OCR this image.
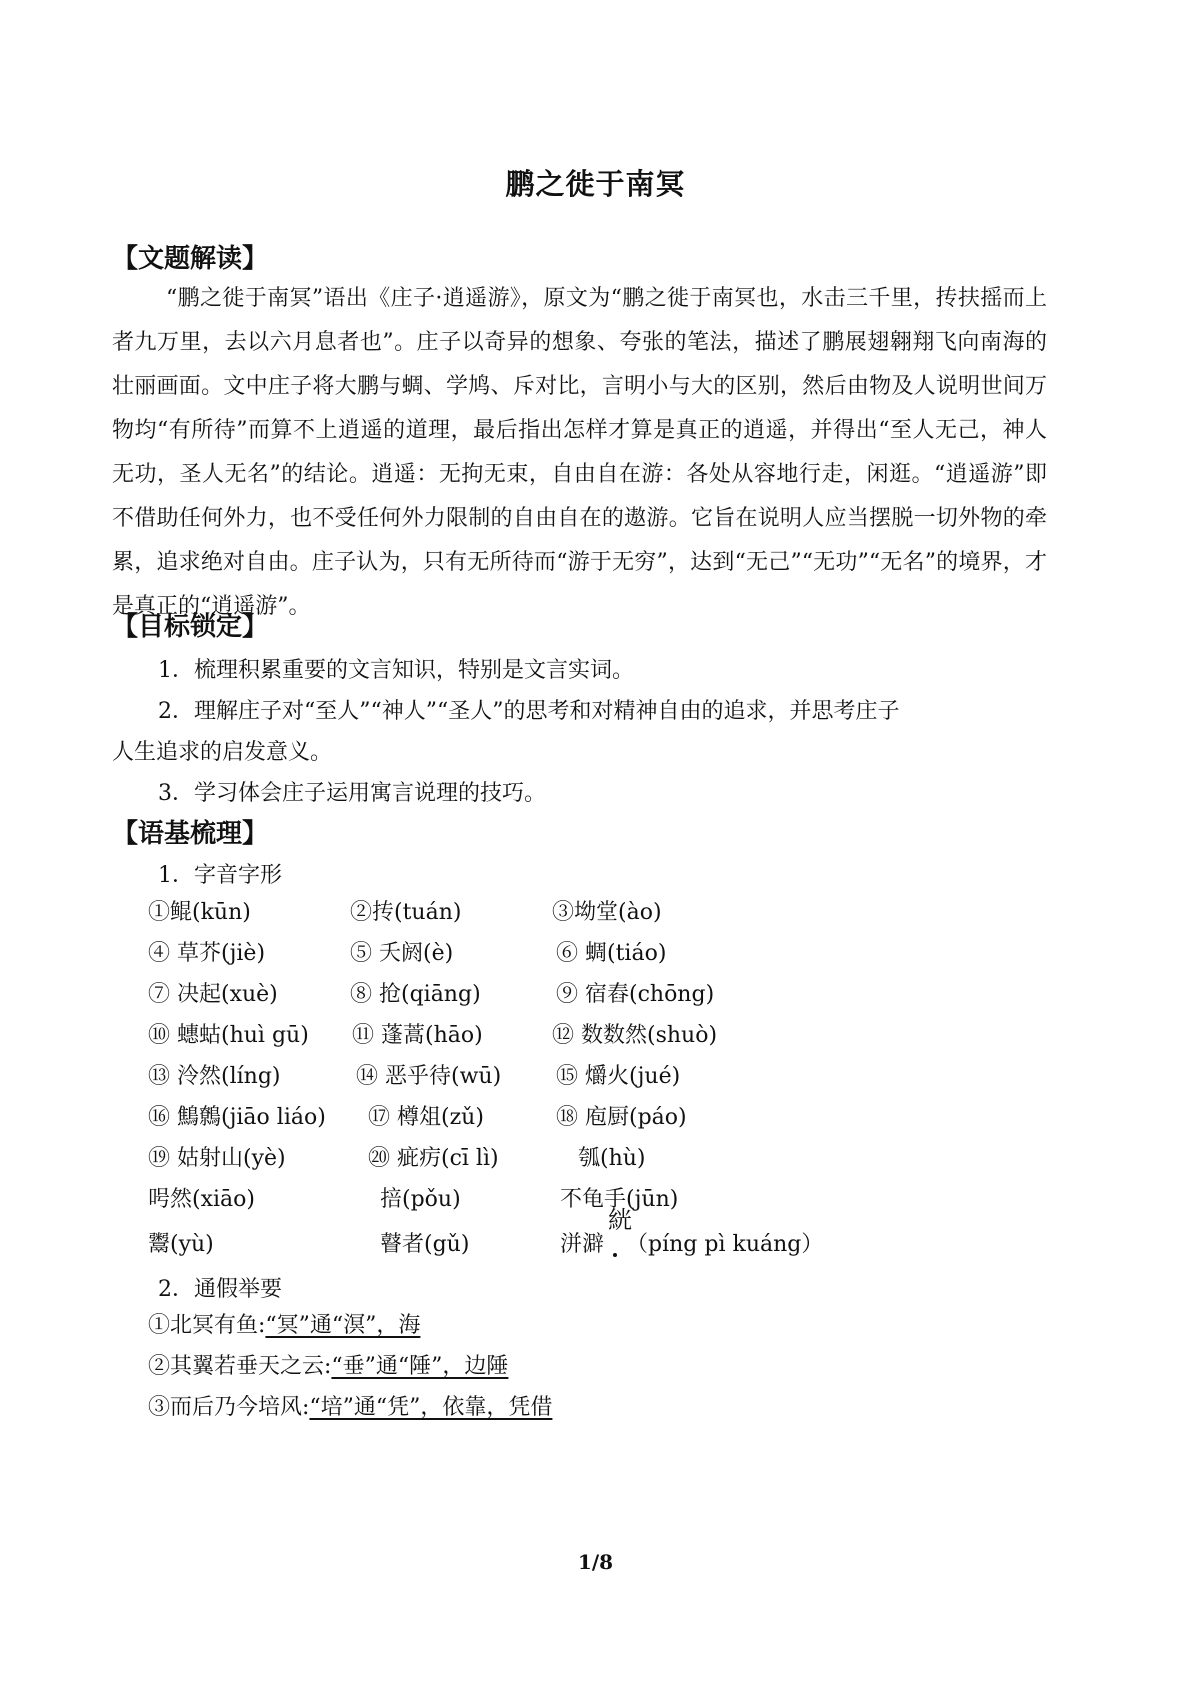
鹏之徙于南冥
【文题解读】
“鹏之徙于南冥”语出《庄子·逍遥游》，原文为“鹏之徙于南冥也，水击三千里，抟扶摇而上者九万里，去以六月息者也”。庄子以奇异的想象、夸张的笔法，描述了鹏展翅翱翔飞向南海的壮丽画面。文中庄子将大鹏与蜩、学鸠、斥对比，言明小与大的区别，然后由物及人说明世间万物均“有所待”而算不上逍遥的道理，最后指出怎样才算是真正的逍遥，并得出“至人无己，神人无功，圣人无名”的结论。逍遥：无拘无束，自由自在游：各处从容地行走，闲逛。“逍遥游”即不借助任何外力，也不受任何外力限制的自由自在的遨游。它旨在说明人应当摆脱一切外物的牵累，追求绝对自由。庄子认为，只有无所待而“游于无穷”，达到“无己”“无功”“无名”的境界，才是真正的“逍遥游”。
【目标锁定】
1．梳理积累重要的文言知识，特别是文言实词。
2．理解庄子对“至人”“神人”“圣人”的思考和对精神自由的追求，并思考庄子
人生追求的启发意义。
3．学习体会庄子运用寓言说理的技巧。
【语基梳理】
1．字音字形
①鲲(kūn)	②抟(tuán)	③坳堂(ào)
④ 草芥(jiè)	⑤ 夭阏(è)	⑥ 蜩(tiáo)
⑦ 决起(xuè)	⑧ 抢(qiāng)	⑨ 宿舂(chōng)
⑩ 蟪蛄(huì gū) ⑪ 蓬蒿(hāo)	⑫ 数数然(shuò)
⑬ 泠然(líng)	⑭ 恶乎待(wū) ⑮ 爝火(jué)
⑯ 鷦鷯(jiāo liáo) ⑰ 樽俎(zǔ)	⑱ 庖厨(páo)
⑲ 姑射山(yè)	⑳ 疵疠(cī lì)	瓠(hù)
呺然(xiāo)	掊(pǒu)	不龟手(jūn)
鬻(yù)	瞽者(gǔ)	洴澼 （píng pì kuáng）
絖
2．通假举要
①北冥有鱼:“冥”通“溟”，海
②其翼若垂天之云:“垂”通“陲”，边陲
③而后乃今培风:“培”通“凭”，依靠，凭借
1/8
